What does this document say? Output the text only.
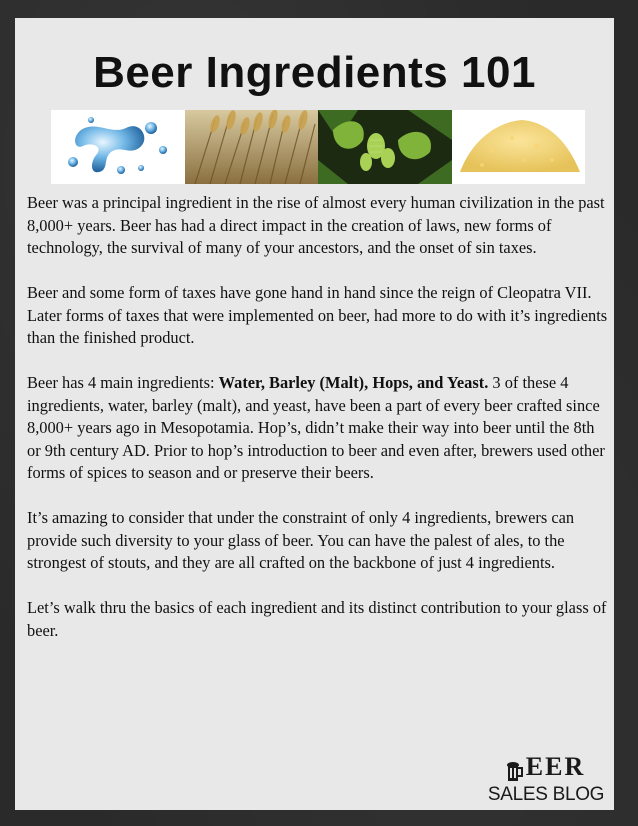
Beer Ingredients 101

Beer was a principal ingredient in the rise of almost every human civilization in the past 8,000+ years. Beer has had a direct impact in the creation of laws, new forms of technology, the survival of many of your ancestors, and the onset of sin taxes.

Beer and some form of taxes have gone hand in hand since the reign of Cleopatra VII. Later forms of taxes that were implemented on beer, had more to do with it’s ingredients than the finished product.

Beer has 4 main ingredients: Water, Barley (Malt), Hops, and Yeast. 3 of these 4 ingredients, water, barley (malt), and yeast, have been a part of every beer crafted since 8,000+ years ago in Mesopotamia. Hop’s, didn’t make their way into beer until the 8th or 9th century AD. Prior to hop’s introduction to beer and even after, brewers used other forms of spices to season and or preserve their beers.

It’s amazing to consider that under the constraint of only 4 ingredients, brewers can provide such diversity to your glass of beer. You can have the palest of ales, to the strongest of stouts, and they are all crafted on the backbone of just 4 ingredients.

Let’s walk thru the basics of each ingredient and its distinct contribution to your glass of beer.

EER
SALES BLOG
